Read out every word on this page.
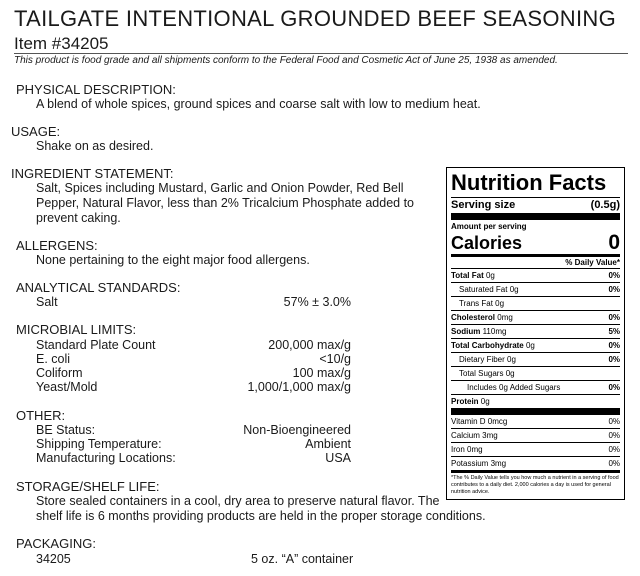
TAILGATE INTENTIONAL GROUNDED BEEF SEASONING
Item #34205
This product is food grade and all shipments conform to the Federal Food and Cosmetic Act of June 25, 1938 as amended.
PHYSICAL DESCRIPTION:
A blend of whole spices, ground spices and coarse salt with low to medium heat.
USAGE:
Shake on as desired.
INGREDIENT STATEMENT:
Salt, Spices including Mustard, Garlic and Onion Powder, Red Bell Pepper, Natural Flavor, less than 2% Tricalcium Phosphate added to prevent caking.
ALLERGENS:
None pertaining to the eight major food allergens.
ANALYTICAL STANDARDS:
Salt	57% ± 3.0%
MICROBIAL LIMITS:
Standard Plate Count	200,000 max/g
E. coli	<10/g
Coliform	100 max/g
Yeast/Mold	1,000/1,000 max/g
OTHER:
BE Status:	Non-Bioengineered
Shipping Temperature:	Ambient
Manufacturing Locations:	USA
STORAGE/SHELF LIFE:
Store sealed containers in a cool, dry area to preserve natural flavor. The
shelf life is 6 months providing products are held in the proper storage conditions.
PACKAGING:
34205	5 oz. “A” container
Nutrition Facts
Serving size	(0.5g)
Amount per serving
Calories	0
% Daily Value*
Total Fat 0g	0%
Saturated Fat 0g	0%
Trans Fat 0g
Cholesterol 0mg	0%
Sodium 110mg	5%
Total Carbohydrate 0g	0%
Dietary Fiber 0g	0%
Total Sugars 0g
Includes 0g Added Sugars	0%
Protein 0g
Vitamin D 0mcg	0%
Calcium 3mg	0%
Iron 0mg	0%
Potassium 3mg	0%
*The % Daily Value tells you how much a nutrient in a serving of food contributes to a daily diet. 2,000 calories a day is used for general nutrition advice.
